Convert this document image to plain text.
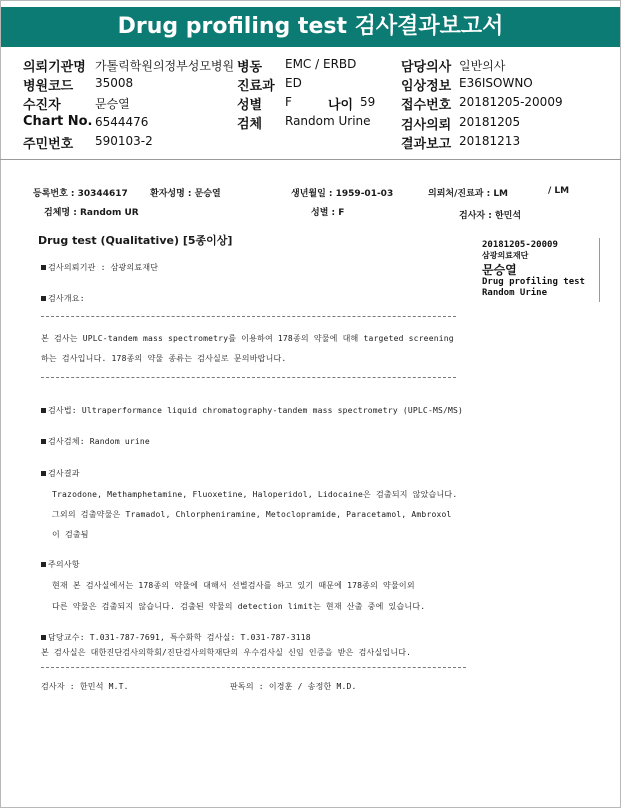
Drug profiling test 검사결과보고서
의뢰기관명 가톨릭학원의정부성모병원 병동 EMC / ERBD	담당의사 일반의사
병원코드 35008	진료과 ED	임상정보 E36ISOWNO
수진자	문승열	성별 F	나이 59 접수번호 20181205-20009
Chart No. 6544476	검체 Random Urine 검사의뢰 20181205
주민번호 590103-2	결과보고 20181213
등록번호 : 30344617 환자성명 : 문승열	생년월일 : 1959-01-03	의뢰처/진료과 : LM	/ LM
검체명 : Random UR	성별 : F	검사자 : 한민석
Drug test (Qualitative) [5종이상]	20181205-20009
삼광의료재단
문승열
Drug profiling test
Random Urine
검사의뢰기관 : 삼광의료재단
검사개요:
본 검사는 UPLC-tandem mass spectrometry를 이용하여 178종의 약물에 대해 targeted screening
하는 검사입니다. 178종의 약물 종류는 검사실로 문의바랍니다.
검사법: Ultraperformance liquid chromatography-tandem mass spectrometry (UPLC-MS/MS)
검사검체: Random urine
검사결과
Trazodone, Methamphetamine, Fluoxetine, Haloperidol, Lidocaine은 검출되지 않았습니다.
그외의 검출약물은 Tramadol, Chlorpheniramine, Metoclopramide, Paracetamol, Ambroxol
이 검출됨
주의사항
현재 본 검사실에서는 178종의 약물에 대해서 선별검사를 하고 있기 때문에 178종의 약물이외
다른 약물은 검출되지 않습니다. 검출된 약물의 detection limit는 현재 산출 중에 있습니다.
담당교수: T.031-787-7691, 특수화학 검사실: T.031-787-3118
본 검사실은 대한진단검사의학회/진단검사의학재단의 우수검사실 신임 인증을 받은 검사실입니다.
검사자 : 한민석 M.T.	판독의 : 이경훈 / 송정한 M.D.
